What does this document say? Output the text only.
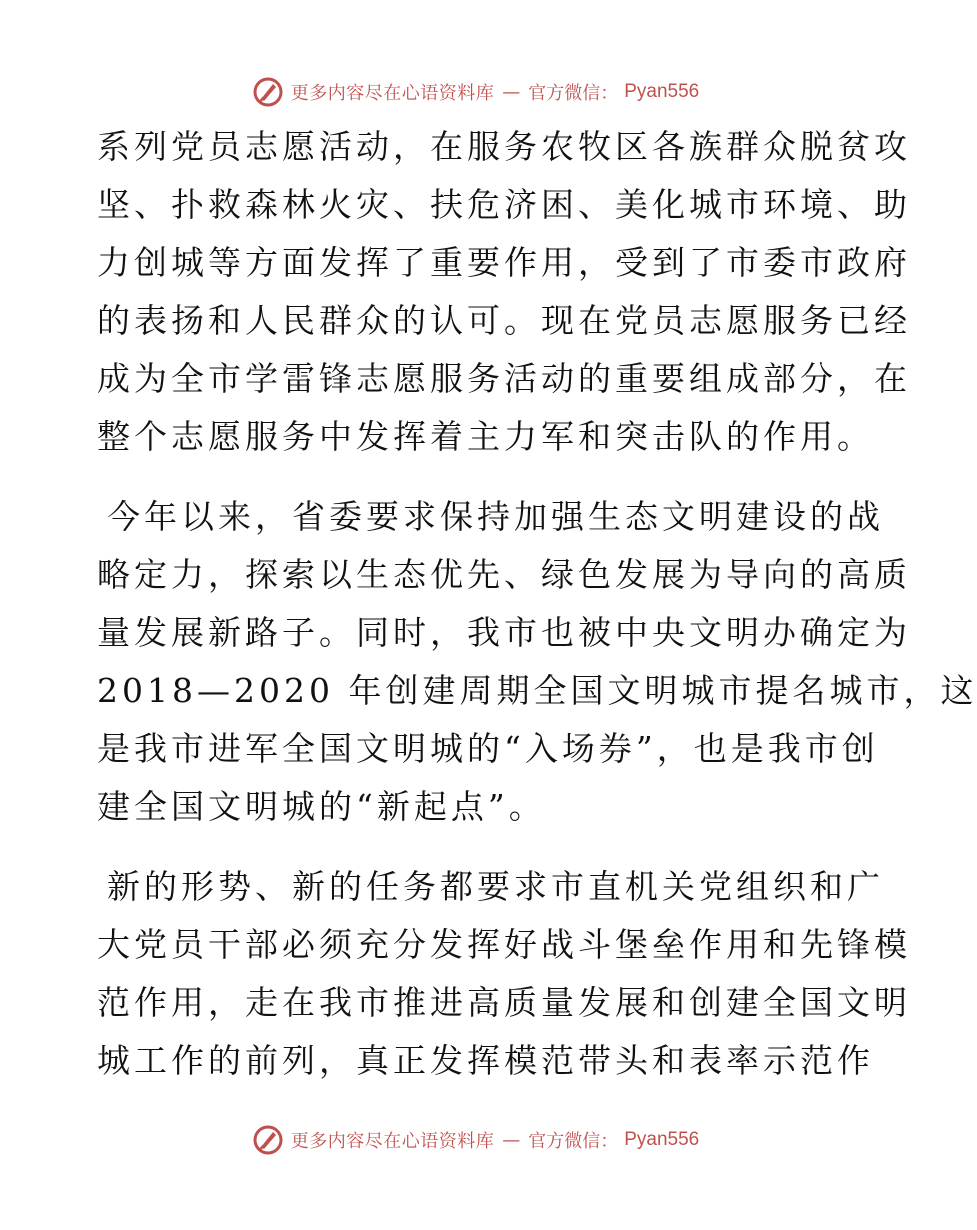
更多内容尽在心语资料库 — 官方微信： Pyan556
系列党员志愿活动，在服务农牧区各族群众脱贫攻
坚、扑救森林火灾、扶危济困、美化城市环境、助
力创城等方面发挥了重要作用，受到了市委市政府
的表扬和人民群众的认可。现在党员志愿服务已经
成为全市学雷锋志愿服务活动的重要组成部分，在
整个志愿服务中发挥着主力军和突击队的作用。
今年以来，省委要求保持加强生态文明建设的战
略定力，探索以生态优先、绿色发展为导向的高质
量发展新路子。同时，我市也被中央文明办确定为
2018—2020 年创建周期全国文明城市提名城市，这
是我市进军全国文明城的“入场券”，也是我市创
建全国文明城的“新起点”。
新的形势、新的任务都要求市直机关党组织和广
大党员干部必须充分发挥好战斗堡垒作用和先锋模
范作用，走在我市推进高质量发展和创建全国文明
城工作的前列，真正发挥模范带头和表率示范作
更多内容尽在心语资料库 — 官方微信： Pyan556
